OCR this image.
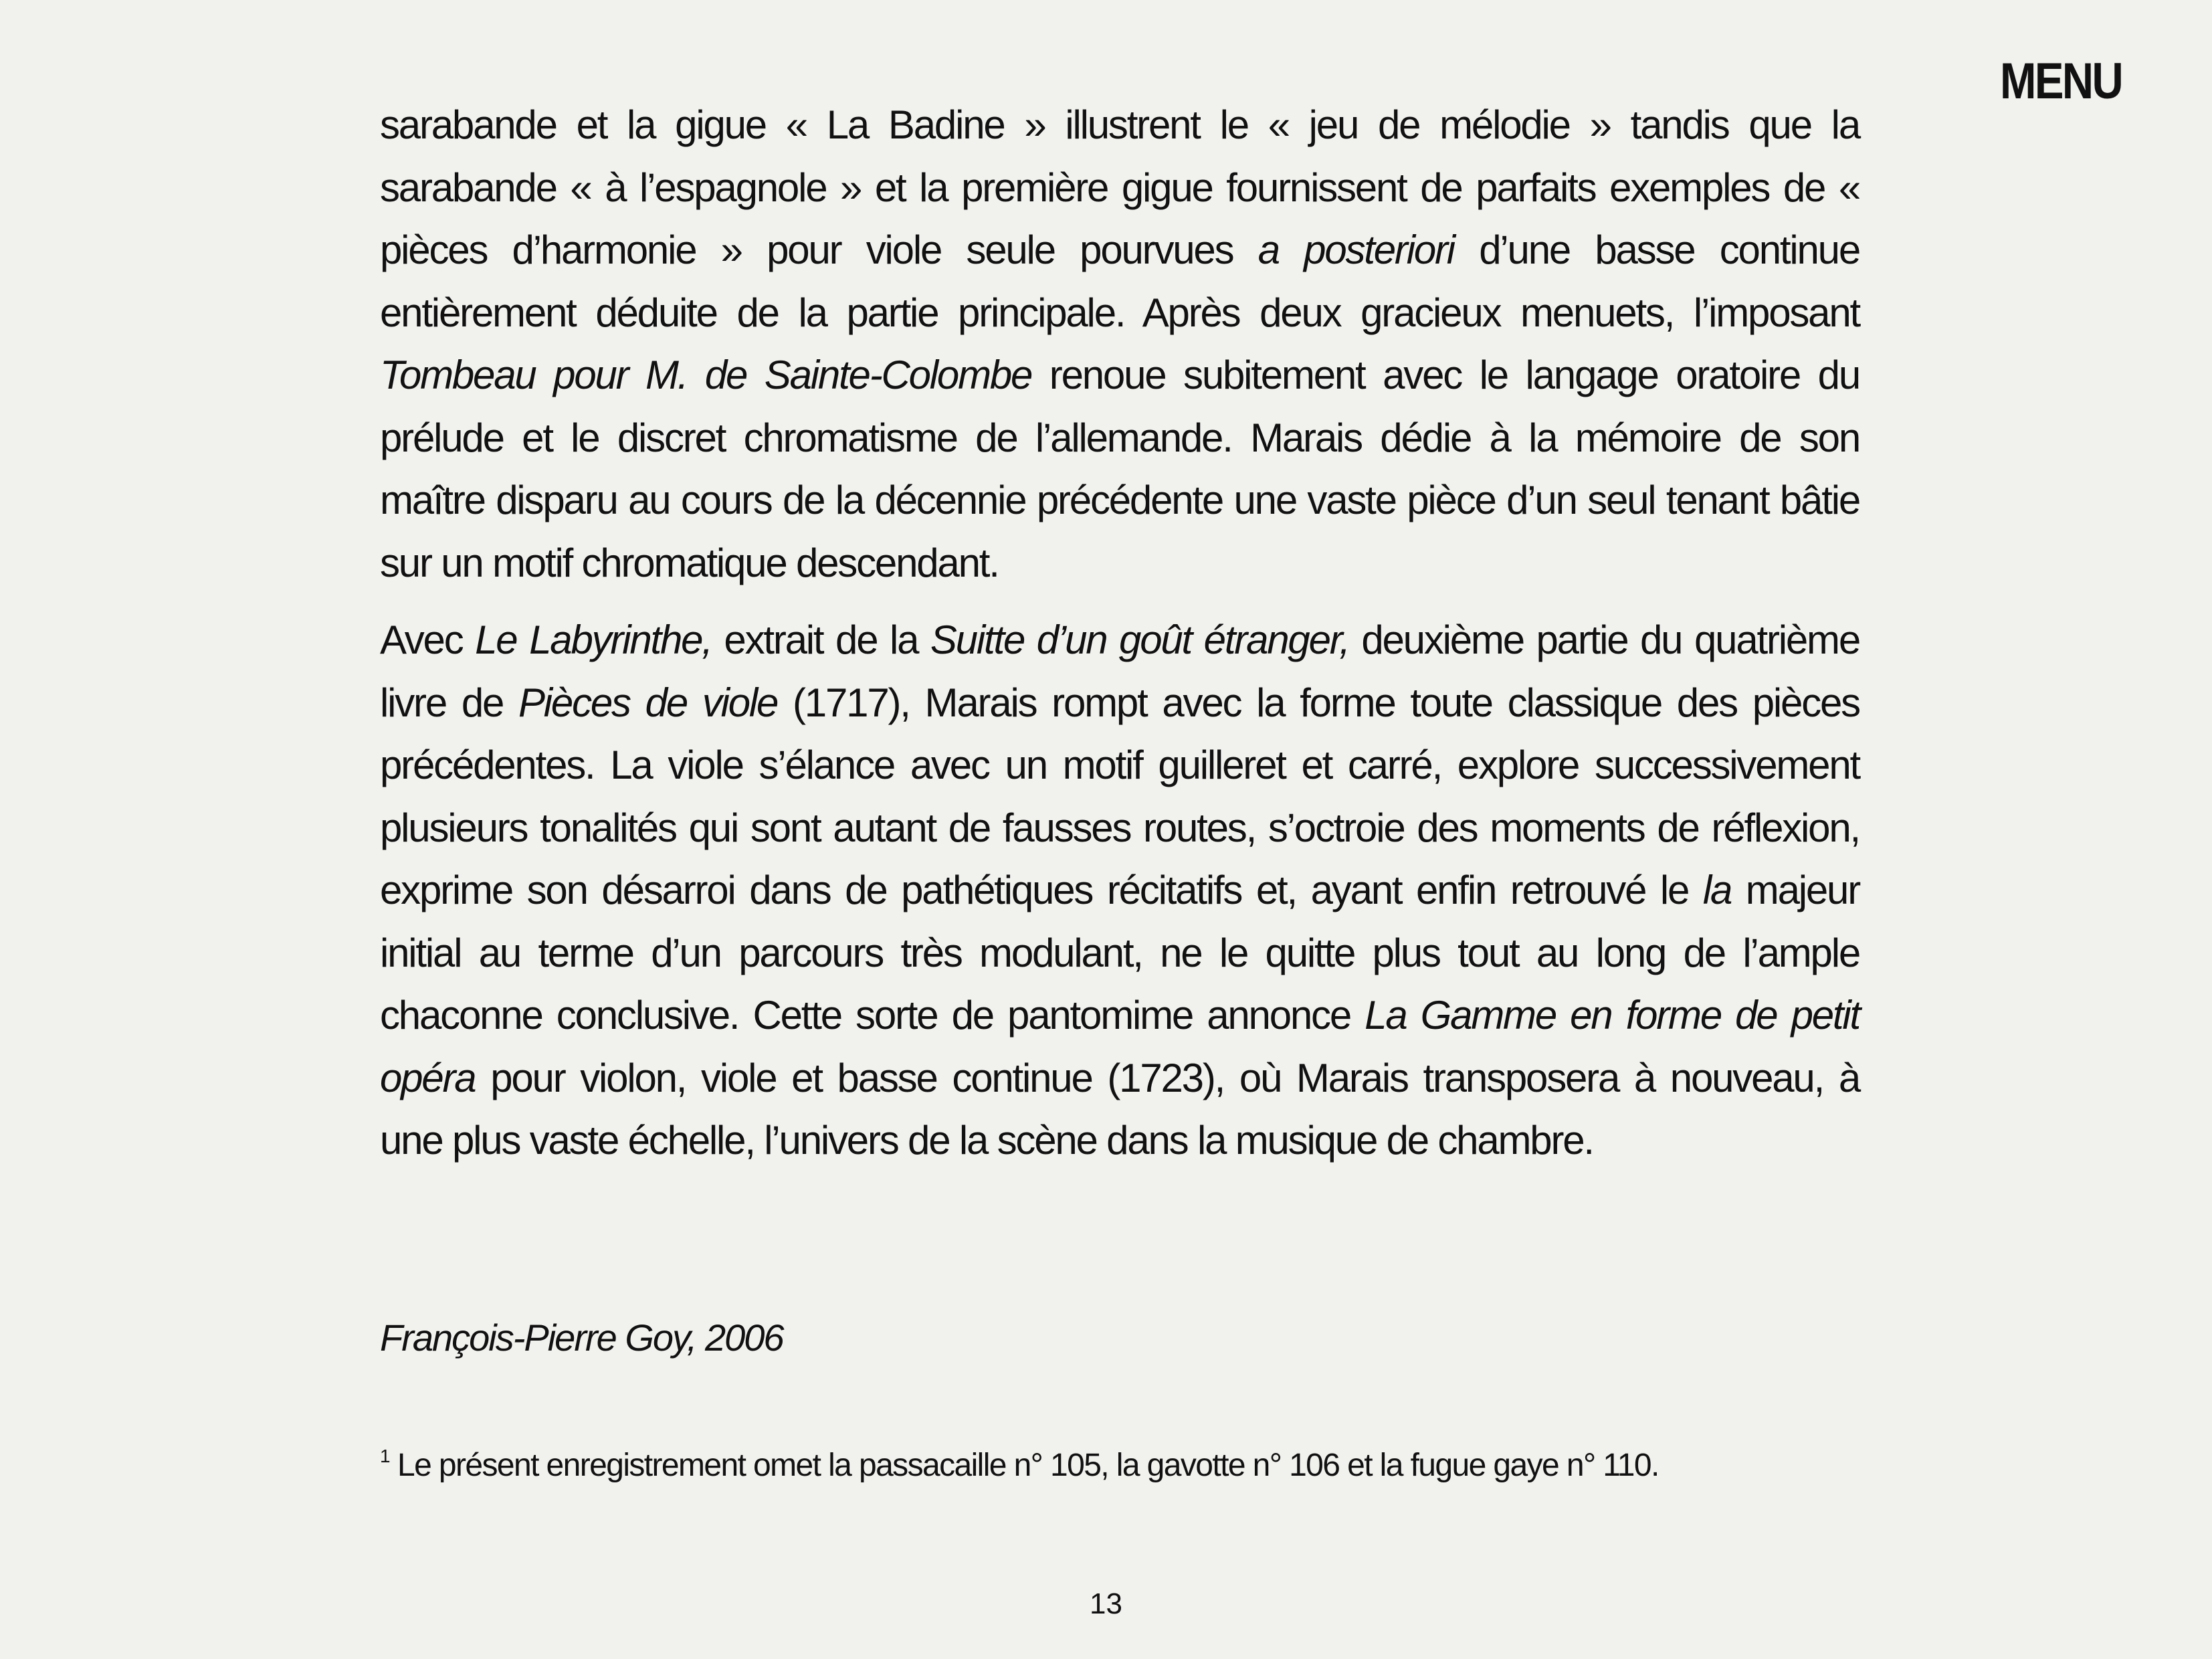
MENU

sarabande et la gigue « La Badine » illustrent le « jeu de mélodie » tandis que la sarabande « à l’espagnole » et la première gigue fournissent de parfaits exemples de « pièces d’harmonie » pour viole seule pourvues a posteriori d’une basse continue entièrement déduite de la partie principale. Après deux gracieux menuets, l’imposant Tombeau pour M. de Sainte-Colombe renoue subitement avec le langage oratoire du prélude et le discret chromatisme de l’allemande. Marais dédie à la mémoire de son maître disparu au cours de la décennie précédente une vaste pièce d’un seul tenant bâtie sur un motif chromatique descendant.

Avec Le Labyrinthe, extrait de la Suitte d’un goût étranger, deuxième partie du quatrième livre de Pièces de viole (1717), Marais rompt avec la forme toute classique des pièces précédentes. La viole s’élance avec un motif guilleret et carré, explore successivement plusieurs tonalités qui sont autant de fausses routes, s’octroie des moments de réflexion, exprime son désarroi dans de pathétiques récitatifs et, ayant enfin retrouvé le la majeur initial au terme d’un parcours très modulant, ne le quitte plus tout au long de l’ample chaconne conclusive. Cette sorte de pantomime annonce La Gamme en forme de petit opéra pour violon, viole et basse continue (1723), où Marais transposera à nouveau, à une plus vaste échelle, l’univers de la scène dans la musique de chambre.

François-Pierre Goy, 2006
$^1$ Le présent enregistrement omet la passacaille n° 105, la gavotte n° 106 et la fugue gaye n° 110.
13
